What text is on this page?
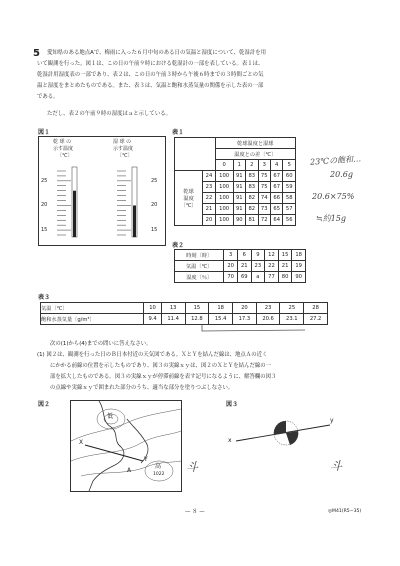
5 愛知県のある地点Aで、梅雨に入った６月中旬のある日の気温と湿度について、乾湿計を用
いて観測を行った。図１は、この日の午前９時における乾湿計の一部を表している。表１は、
乾湿計用湿度表の一部であり、表２は、この日の午前３時から午後６時までの３時間ごとの気
温と湿度をまとめたものである。また、表３は、気温と飽和水蒸気量の関係を示した表の一部
である。
ただし、表２の午前９時の湿度はａと示している。
図１
乾 球 の
示す温度
〔℃〕
湿 球 の
示す温度
〔℃〕
25
20
15
25
20
15
表１
		乾球温度と湿球					
		温度との差〔℃〕					
		0	1	2	3	4	5

乾球
温度
〔℃〕	24	100	91	83	75	67	60
	23	100	91	83	75	67	59
	22	100	91	82	74	66	58
	21	100	91	82	73	65	57
	20	100	90	81	72	64	56
23℃の飽和…
20.6g
20.6×75%
≒約15g
表２
時刻〔時〕	3	6	9	12	15	18
気温〔℃〕	20	21	23	22	21	19
湿度〔％〕	70	69	a	77	80	90
表３
気温〔℃〕	10	13	15	18	20	23	25	28
飽和水蒸気量〔g/m³〕	9.4	11.4	12.8	15.4	17.3	20.6	23.1	27.2
次の(1)から(4)までの問いに答えなさい。
(1) 図２は、観測を行った日のＢ日本付近の天気図である。ＸとＹを結んだ線は、地点Ａの近く
にかかる前線の位置を示したものであり、図３の実線ｘｙは、図２のＸとＹを結んだ線の一
部を拡大したものである。図３の実線ｘｙが停滞前線を表す記号になるように、解答欄の図３
の点線や実線ｘｙで囲まれた部分のうち、適当な部分を塗りつぶしなさい。
図２
低
高
1022
X
Y
A
図３
x
y
斗	斗
— ８ —	◎M41(R5−35)
